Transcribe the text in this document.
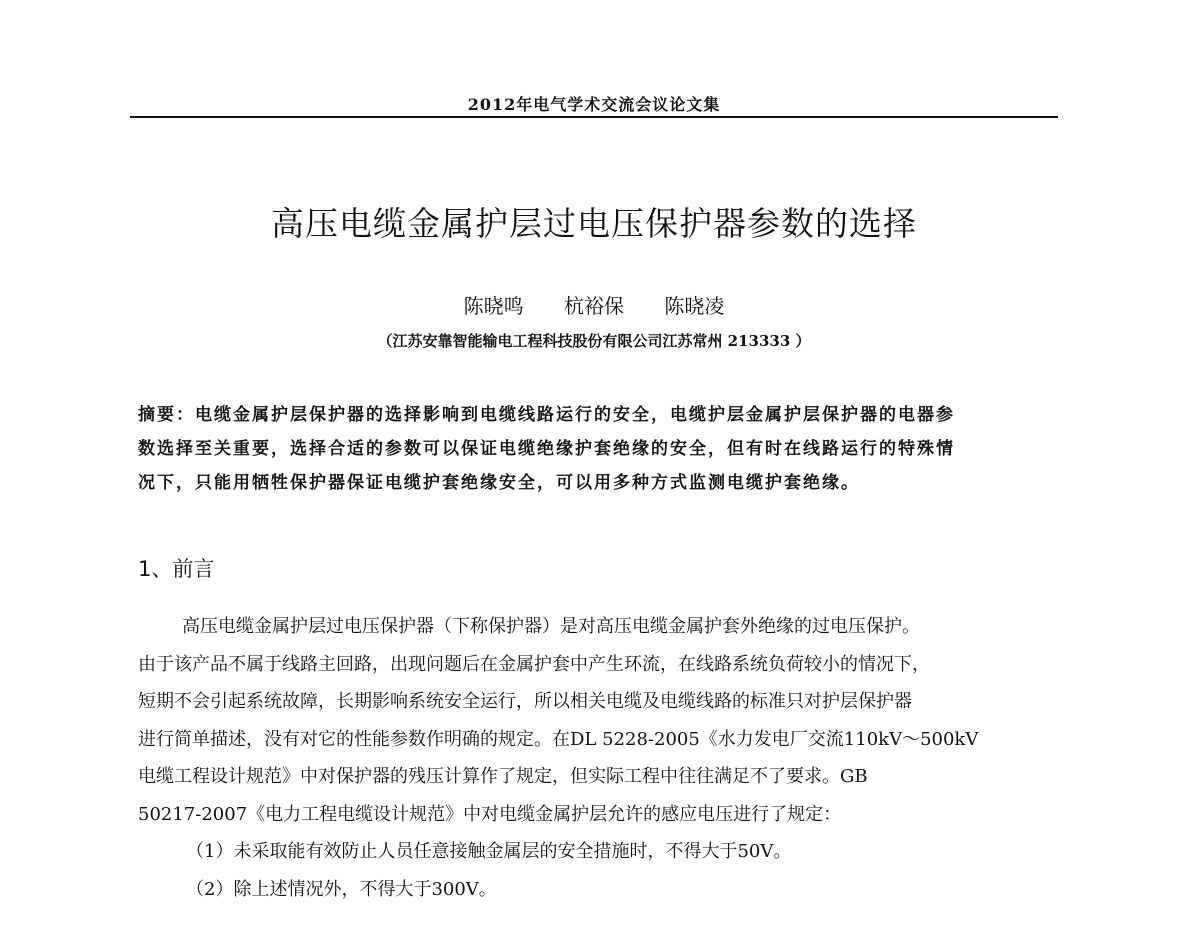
2012年电气学术交流会议论文集
高压电缆金属护层过电压保护器参数的选择
陈晓鸣 杭裕保 陈晓凌
（江苏安靠智能输电工程科技股份有限公司江苏常州 213333 ）
摘要：电缆金属护层保护器的选择影响到电缆线路运行的安全，电缆护层金属护层保护器的电器参
数选择至关重要，选择合适的参数可以保证电缆绝缘护套绝缘的安全，但有时在线路运行的特殊情
况下，只能用牺牲保护器保证电缆护套绝缘安全，可以用多种方式监测电缆护套绝缘。
1、前言
高压电缆金属护层过电压保护器（下称保护器）是对高压电缆金属护套外绝缘的过电压保护。
由于该产品不属于线路主回路，出现问题后在金属护套中产生环流，在线路系统负荷较小的情况下，
短期不会引起系统故障，长期影响系统安全运行，所以相关电缆及电缆线路的标准只对护层保护器
进行简单描述，没有对它的性能参数作明确的规定。在DL 5228-2005《水力发电厂交流110kV～500kV
电缆工程设计规范》中对保护器的残压计算作了规定，但实际工程中往往满足不了要求。GB
50217-2007《电力工程电缆设计规范》中对电缆金属护层允许的感应电压进行了规定：
（1）未采取能有效防止人员任意接触金属层的安全措施时，不得大于50V。
（2）除上述情况外，不得大于300V。
